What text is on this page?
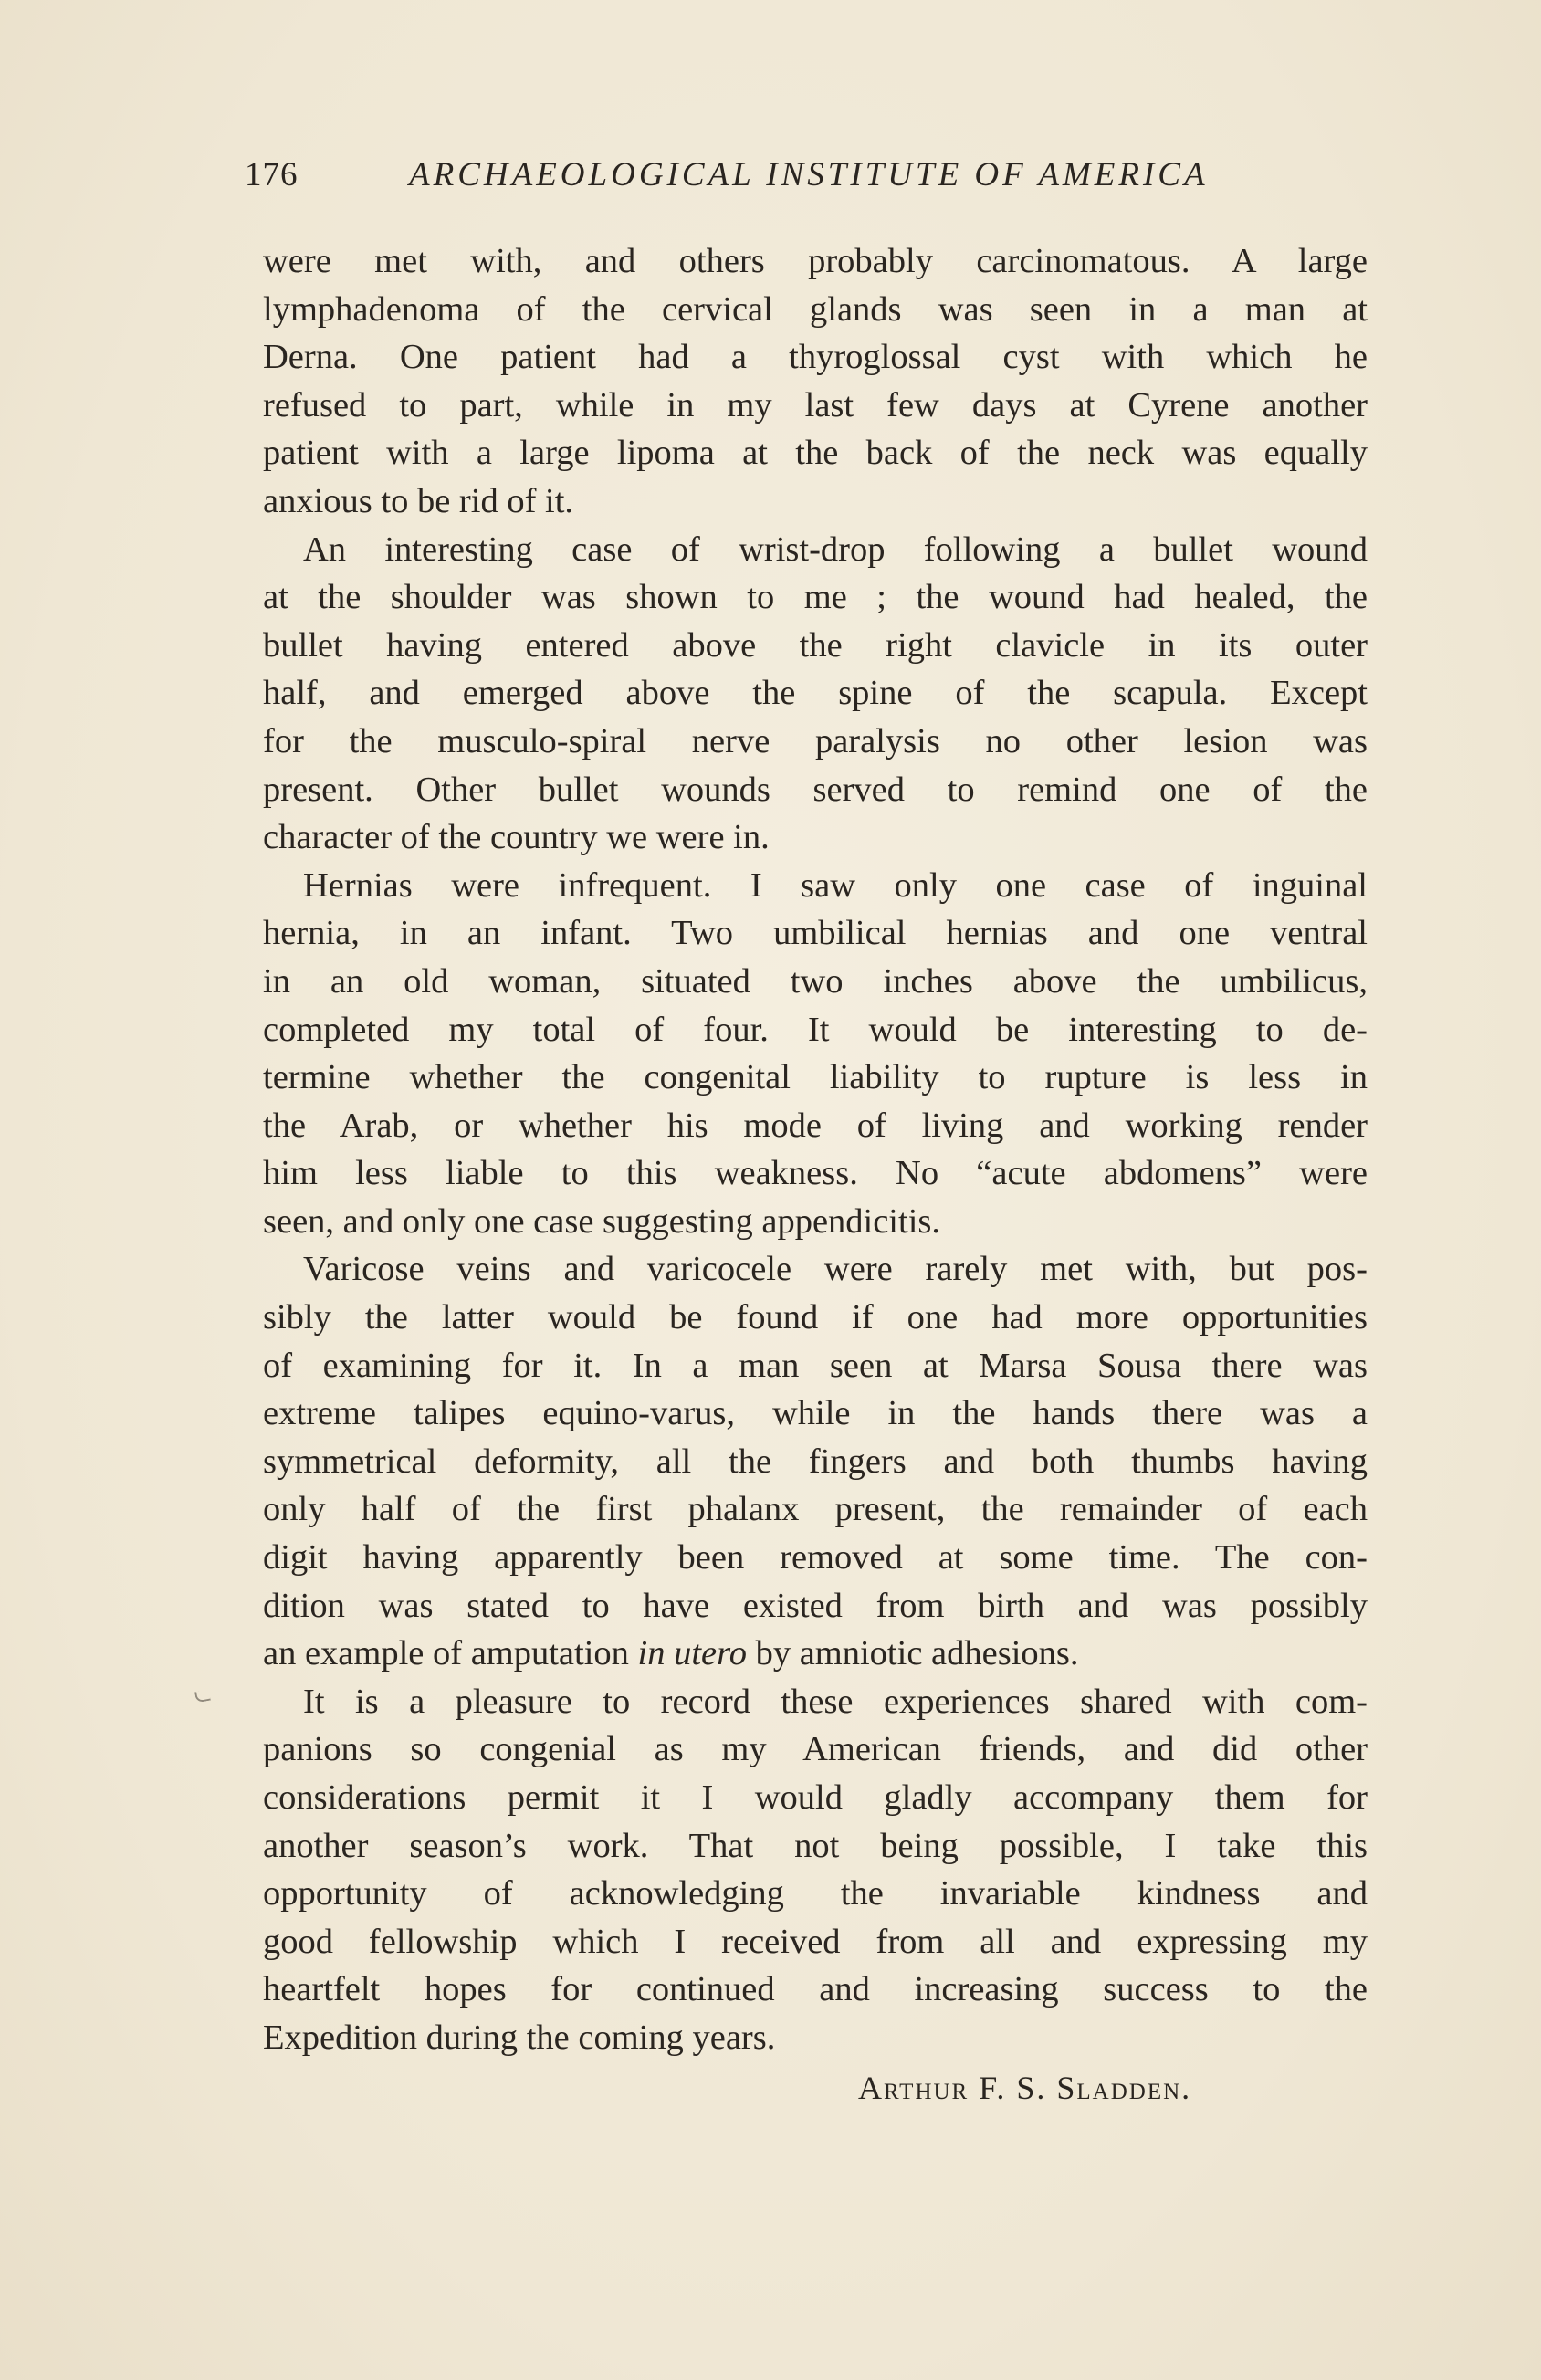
176	ARCHAEOLOGICAL INSTITUTE OF AMERICA

were met with, and others probably carcinomatous. A large
lymphadenoma of the cervical glands was seen in a man at
Derna. One patient had a thyroglossal cyst with which he
refused to part, while in my last few days at Cyrene another
patient with a large lipoma at the back of the neck was equally
anxious to be rid of it.

An interesting case of wrist-drop following a bullet wound
at the shoulder was shown to me ; the wound had healed, the
bullet having entered above the right clavicle in its outer
half, and emerged above the spine of the scapula. Except
for the musculo-spiral nerve paralysis no other lesion was
present. Other bullet wounds served to remind one of the
character of the country we were in.

Hernias were infrequent. I saw only one case of inguinal
hernia, in an infant. Two umbilical hernias and one ventral
in an old woman, situated two inches above the umbilicus,
completed my total of four. It would be interesting to de-
termine whether the congenital liability to rupture is less in
the Arab, or whether his mode of living and working render
him less liable to this weakness. No “acute abdomens” were
seen, and only one case suggesting appendicitis.

Varicose veins and varicocele were rarely met with, but pos-
sibly the latter would be found if one had more opportunities
of examining for it. In a man seen at Marsa Sousa there was
extreme talipes equino-varus, while in the hands there was a
symmetrical deformity, all the fingers and both thumbs having
only half of the first phalanx present, the remainder of each
digit having apparently been removed at some time. The con-
dition was stated to have existed from birth and was possibly
an example of amputation in utero by amniotic adhesions.

It is a pleasure to record these experiences shared with com-
panions so congenial as my American friends, and did other
considerations permit it I would gladly accompany them for
another season’s work. That not being possible, I take this
opportunity of acknowledging the invariable kindness and
good fellowship which I received from all and expressing my
heartfelt hopes for continued and increasing success to the
Expedition during the coming years.

Arthur F. S. Sladden.
